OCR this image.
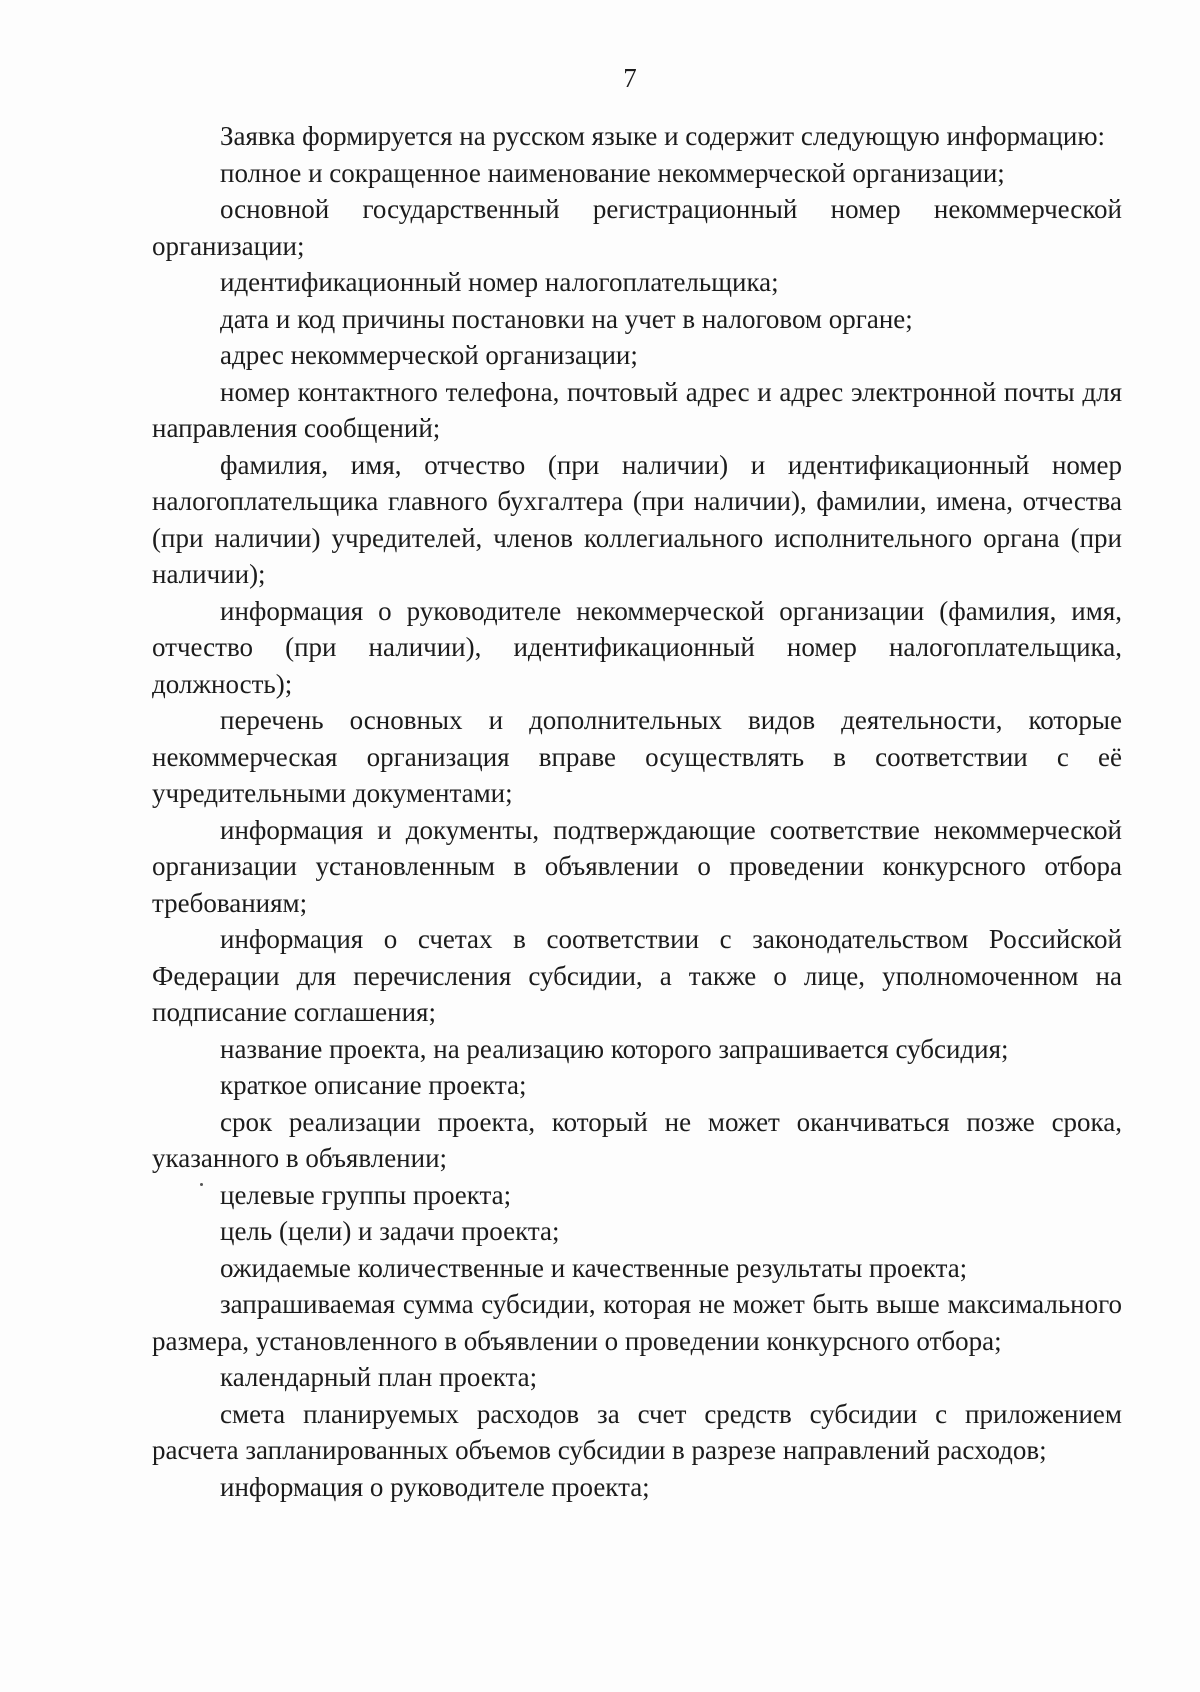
7

Заявка формируется на русском языке и содержит следующую информацию:

полное и сокращенное наименование некоммерческой организации;

основной государственный регистрационный номер некоммерческой организации;

идентификационный номер налогоплательщика;

дата и код причины постановки на учет в налоговом органе;

адрес некоммерческой организации;

номер контактного телефона, почтовый адрес и адрес электронной почты для направления сообщений;

фамилия, имя, отчество (при наличии) и идентификационный номер налогоплательщика главного бухгалтера (при наличии), фамилии, имена, отчества (при наличии) учредителей, членов коллегиального исполнительного органа (при наличии);

информация о руководителе некоммерческой организации (фамилия, имя, отчество (при наличии), идентификационный номер налогоплательщика, должность);

перечень основных и дополнительных видов деятельности, которые некоммерческая организация вправе осуществлять в соответствии с её учредительными документами;

информация и документы, подтверждающие соответствие некоммерческой организации установленным в объявлении о проведении конкурсного отбора требованиям;

информация о счетах в соответствии с законодательством Российской Федерации для перечисления субсидии, а также о лице, уполномоченном на подписание соглашения;

название проекта, на реализацию которого запрашивается субсидия;

краткое описание проекта;

срок реализации проекта, который не может оканчиваться позже срока, указанного в объявлении;

целевые группы проекта;

цель (цели) и задачи проекта;

ожидаемые количественные и качественные результаты проекта;

запрашиваемая сумма субсидии, которая не может быть выше максимального размера, установленного в объявлении о проведении конкурсного отбора;

календарный план проекта;

смета планируемых расходов за счет средств субсидии с приложением расчета запланированных объемов субсидии в разрезе направлений расходов;

информация о руководителе проекта;
